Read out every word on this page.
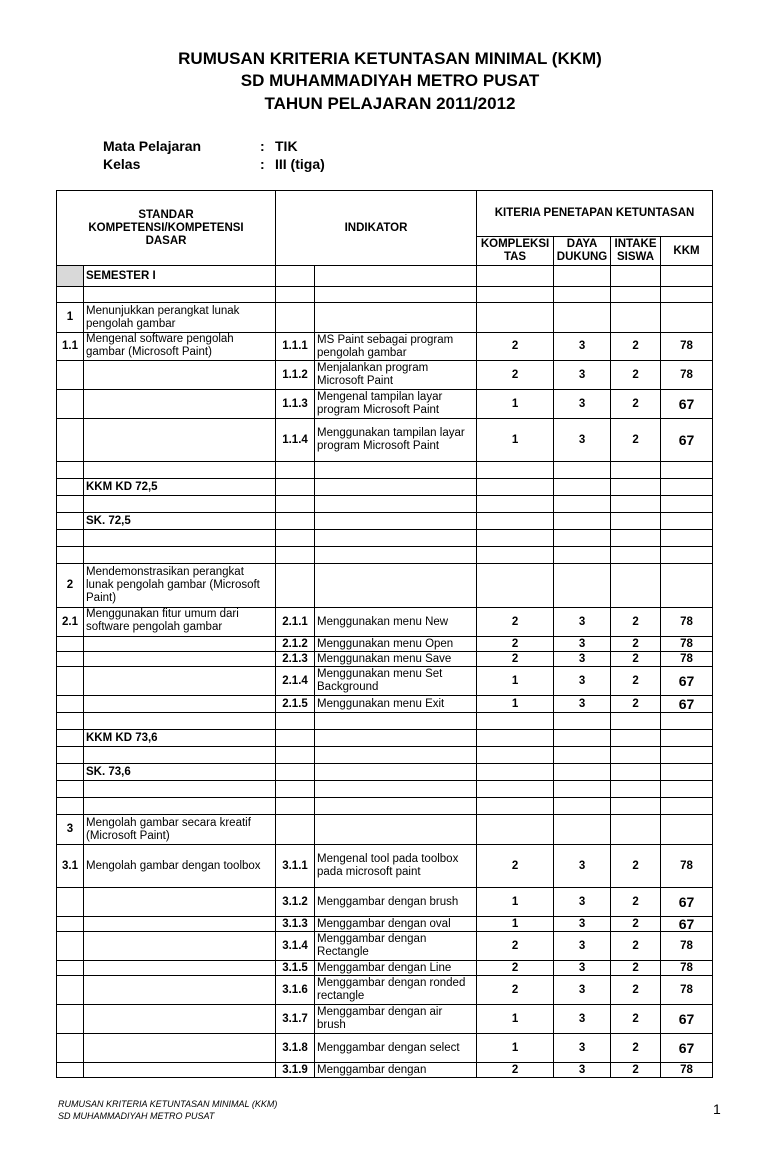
RUMUSAN KRITERIA KETUNTASAN MINIMAL (KKM)
SD MUHAMMADIYAH METRO PUSAT
TAHUN PELAJARAN 2011/2012
Mata Pelajaran	: TIK
Kelas	: III (tiga)
STANDAR KOMPETENSI/KOMPETENSI DASAR		INDIKATOR		KITERIA PENETAPAN KETUNTASAN			
				KOMPLEKSI TAS	DAYA DUKUNG	INTAKE SISWA	KKM
	SEMESTER I						

1	Menunjukkan perangkat lunak pengolah gambar						
1.1	Mengenal software pengolah gambar (Microsoft Paint)	1.1.1	MS Paint sebagai program pengolah gambar	2	3	2	78
		1.1.2	Menjalankan program Microsoft Paint	2	3	2	78
		1.1.3	Mengenal tampilan layar program Microsoft Paint	1	3	2	67
		1.1.4	Menggunakan tampilan layar program Microsoft Paint	1	3	2	67

	KKM KD 72,5						

	SK. 72,5						

2	Mendemonstrasikan perangkat lunak pengolah gambar (Microsoft Paint)						
2.1	Menggunakan fitur umum dari software pengolah gambar	2.1.1	Menggunakan menu New	2	3	2	78
		2.1.2	Menggunakan menu Open	2	3	2	78
		2.1.3	Menggunakan menu Save	2	3	2	78
		2.1.4	Menggunakan menu Set Background	1	3	2	67
		2.1.5	Menggunakan menu Exit	1	3	2	67

	KKM KD 73,6						

	SK. 73,6						

3	Mengolah gambar secara kreatif (Microsoft Paint)						
3.1	Mengolah gambar dengan toolbox	3.1.1	Mengenal tool pada toolbox pada microsoft paint	2	3	2	78
		3.1.2	Menggambar dengan brush	1	3	2	67
		3.1.3	Menggambar dengan oval	1	3	2	67
		3.1.4	Menggambar dengan Rectangle	2	3	2	78
		3.1.5	Menggambar dengan Line	2	3	2	78
		3.1.6	Menggambar dengan ronded rectangle	2	3	2	78
		3.1.7	Menggambar dengan air brush	1	3	2	67
		3.1.8	Menggambar dengan select	1	3	2	67
		3.1.9	Menggambar dengan	2	3	2	78
RUMUSAN KRITERIA KETUNTASAN MINIMAL (KKM)
SD MUHAMMADIYAH METRO PUSAT	1
